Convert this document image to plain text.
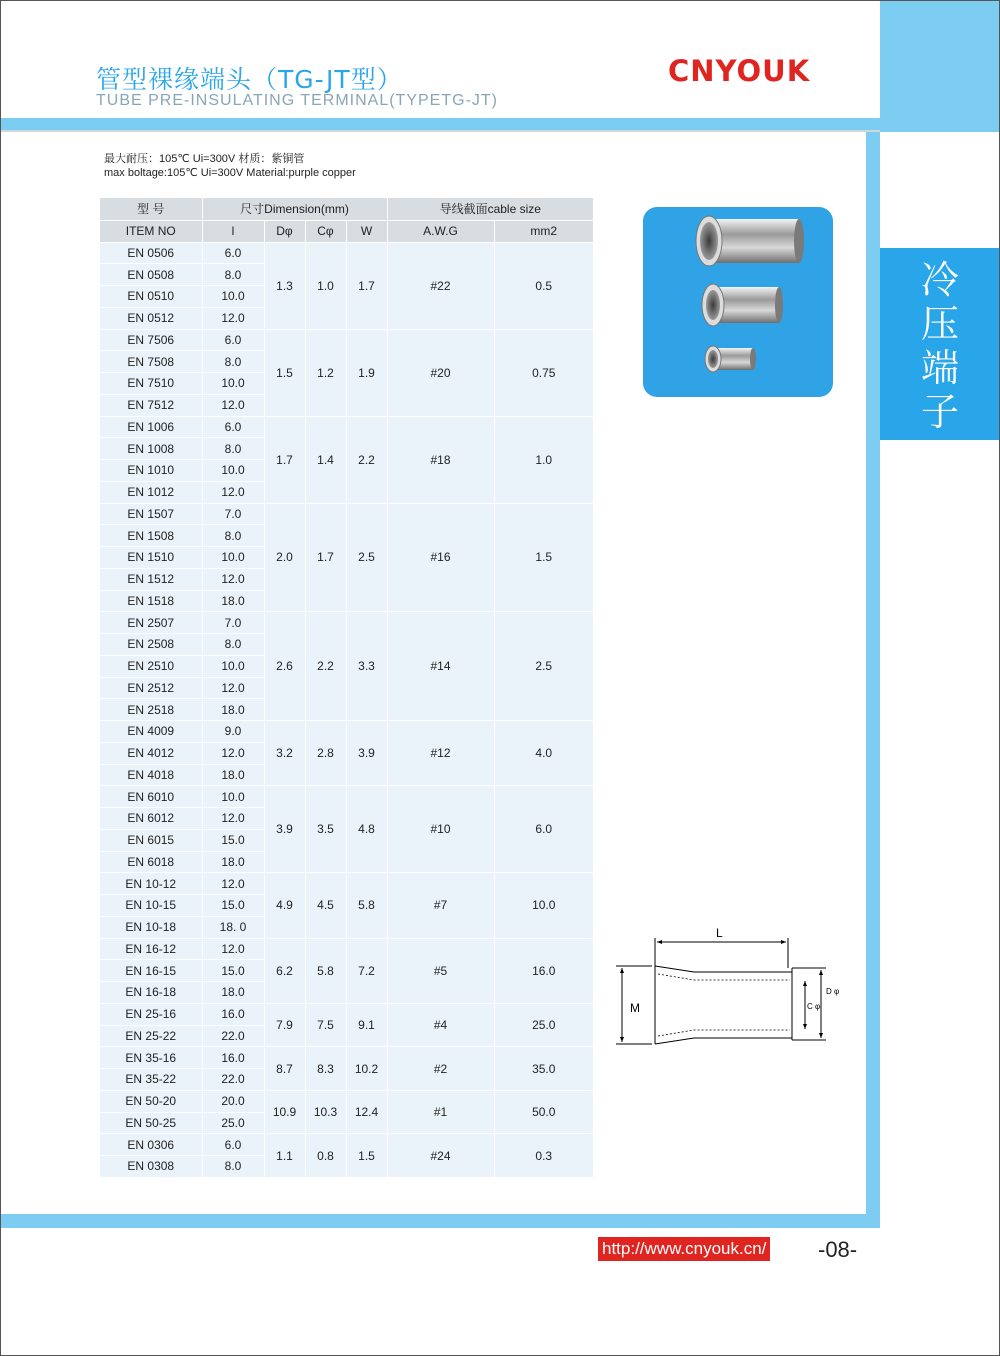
冷
压
端
子
管型裸缘端头（TG-JT型）
TUBE PRE-INSULATING TERMINAL(TYPETG-JT)
CNYOUK
最大耐压：105℃ Ui=300V 材质：紫铜管
max boltage:105℃ Ui=300V Material:purple copper
型 号	尺寸Dimension(mm)				导线截面cable size	
ITEM NO	l	Dφ	Cφ	W	A.W.G	mm2
EN 0506	6.0	1.3	1.0	1.7	#22	0.5
EN 0508	8.0					
EN 0510	10.0					
EN 0512	12.0					
EN 7506	6.0	1.5	1.2	1.9	#20	0.75
EN 7508	8.0					
EN 7510	10.0					
EN 7512	12.0					
EN 1006	6.0	1.7	1.4	2.2	#18	1.0
EN 1008	8.0					
EN 1010	10.0					
EN 1012	12.0					
EN 1507	7.0	2.0	1.7	2.5	#16	1.5
EN 1508	8.0					
EN 1510	10.0					
EN 1512	12.0					
EN 1518	18.0					
EN 2507	7.0	2.6	2.2	3.3	#14	2.5
EN 2508	8.0					
EN 2510	10.0					
EN 2512	12.0					
EN 2518	18.0					
EN 4009	9.0	3.2	2.8	3.9	#12	4.0
EN 4012	12.0					
EN 4018	18.0					
EN 6010	10.0	3.9	3.5	4.8	#10	6.0
EN 6012	12.0					
EN 6015	15.0					
EN 6018	18.0					
EN 10-12	12.0	4.9	4.5	5.8	#7	10.0
EN 10-15	15.0					
EN 10-18	18. 0					
EN 16-12	12.0	6.2	5.8	7.2	#5	16.0
EN 16-15	15.0					
EN 16-18	18.0					
EN 25-16	16.0	7.9	7.5	9.1	#4	25.0
EN 25-22	22.0					
EN 35-16	16.0	8.7	8.3	10.2	#2	35.0
EN 35-22	22.0					
EN 50-20	20.0	10.9	10.3	12.4	#1	50.0
EN 50-25	25.0					
EN 0306	6.0	1.1	0.8	1.5	#24	0.3
EN 0308	8.0					
M
L
C φ
D φ
http://www.cnyouk.cn/ -08-
